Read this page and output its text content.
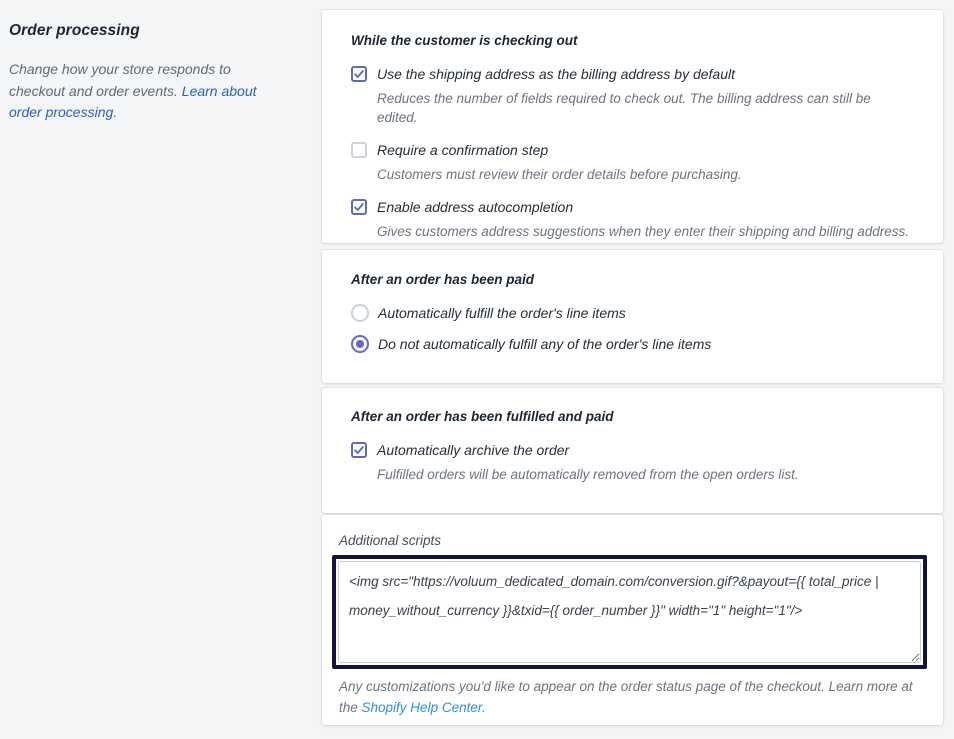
Order processing

Change how your store responds to checkout and order events. Learn about order processing.

While the customer is checking out
Use the shipping address as the billing address by default
Reduces the number of fields required to check out. The billing address can still be edited.
Require a confirmation step
Customers must review their order details before purchasing.
Enable address autocompletion
Gives customers address suggestions when they enter their shipping and billing address.
After an order has been paid
Automatically fulfill the order's line items
Do not automatically fulfill any of the order's line items
After an order has been fulfilled and paid
Automatically archive the order
Fulfilled orders will be automatically removed from the open orders list.
Additional scripts
<img src="https://voluum_dedicated_domain.com/conversion.gif?&payout={{ total_price | money_without_currency }}&txid={{ order_number }}" width="1" height="1"/>

Any customizations you'd like to appear on the order status page of the checkout. Learn more at the Shopify Help Center.
